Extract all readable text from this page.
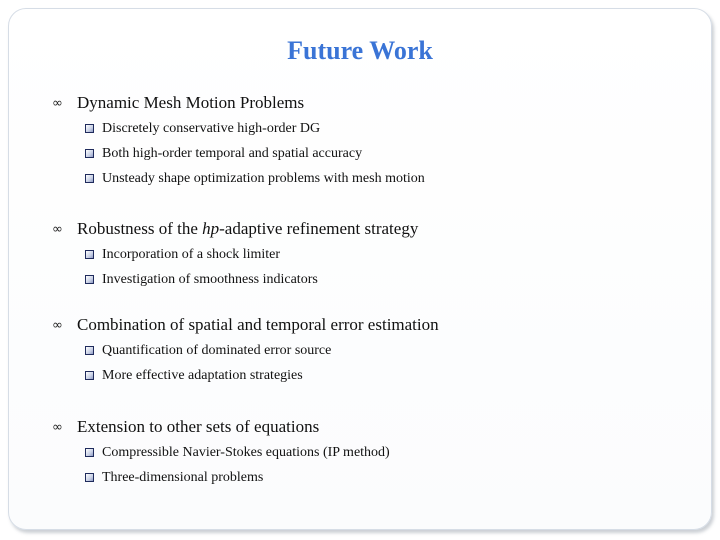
Future Work
∞ Dynamic Mesh Motion Problems
Discretely conservative high-order DG
Both high-order temporal and spatial accuracy
Unsteady shape optimization problems with mesh motion
∞ Robustness of the hp-adaptive refinement strategy
Incorporation of a shock limiter
Investigation of smoothness indicators
∞ Combination of spatial and temporal error estimation
Quantification of dominated error source
More effective adaptation strategies
∞ Extension to other sets of equations
Compressible Navier-Stokes equations (IP method)
Three-dimensional problems
